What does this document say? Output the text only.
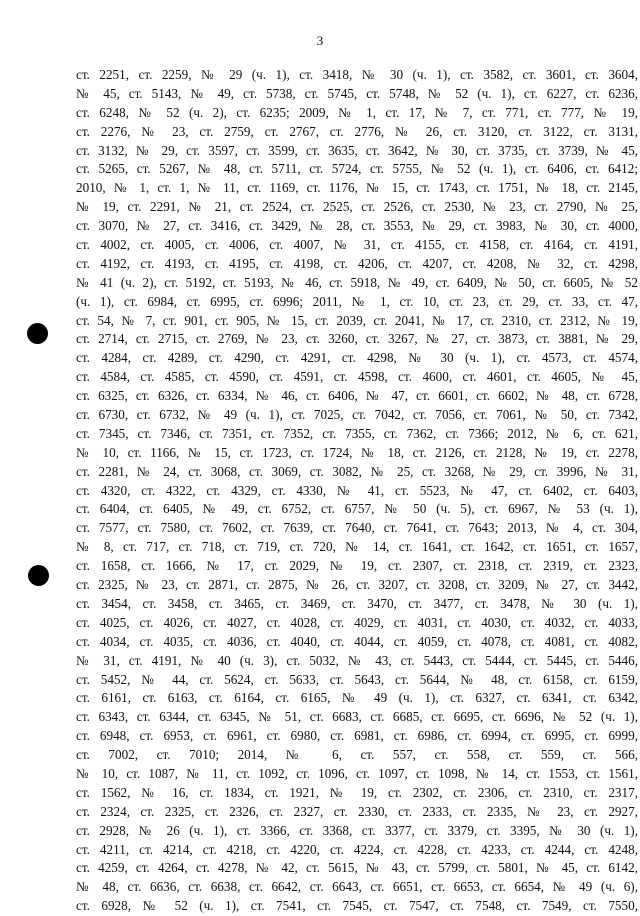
3
ст. 2251, ст. 2259, № 29 (ч. 1), ст. 3418, № 30 (ч. 1), ст. 3582, ст. 3601, ст. 3604,
№ 45, ст. 5143, № 49, ст. 5738, ст. 5745, ст. 5748, № 52 (ч. 1), ст. 6227, ст. 6236,
ст. 6248, № 52 (ч. 2), ст. 6235; 2009, № 1, ст. 17, № 7, ст. 771, ст. 777, № 19,
ст. 2276, № 23, ст. 2759, ст. 2767, ст. 2776, № 26, ст. 3120, ст. 3122, ст. 3131,
ст. 3132, № 29, ст. 3597, ст. 3599, ст. 3635, ст. 3642, № 30, ст. 3735, ст. 3739, № 45,
ст. 5265, ст. 5267, № 48, ст. 5711, ст. 5724, ст. 5755, № 52 (ч. 1), ст. 6406, ст. 6412;
2010, № 1, ст. 1, № 11, ст. 1169, ст. 1176, № 15, ст. 1743, ст. 1751, № 18, ст. 2145,
№ 19, ст. 2291, № 21, ст. 2524, ст. 2525, ст. 2526, ст. 2530, № 23, ст. 2790, № 25,
ст. 3070, № 27, ст. 3416, ст. 3429, № 28, ст. 3553, № 29, ст. 3983, № 30, ст. 4000,
ст. 4002, ст. 4005, ст. 4006, ст. 4007, № 31, ст. 4155, ст. 4158, ст. 4164, ст. 4191,
ст. 4192, ст. 4193, ст. 4195, ст. 4198, ст. 4206, ст. 4207, ст. 4208, № 32, ст. 4298,
№ 41 (ч. 2), ст. 5192, ст. 5193, № 46, ст. 5918, № 49, ст. 6409, № 50, ст. 6605, № 52
(ч. 1), ст. 6984, ст. 6995, ст. 6996; 2011, № 1, ст. 10, ст. 23, ст. 29, ст. 33, ст. 47,
ст. 54, № 7, ст. 901, ст. 905, № 15, ст. 2039, ст. 2041, № 17, ст. 2310, ст. 2312, № 19,
ст. 2714, ст. 2715, ст. 2769, № 23, ст. 3260, ст. 3267, № 27, ст. 3873, ст. 3881, № 29,
ст. 4284, ст. 4289, ст. 4290, ст. 4291, ст. 4298, № 30 (ч. 1), ст. 4573, ст. 4574,
ст. 4584, ст. 4585, ст. 4590, ст. 4591, ст. 4598, ст. 4600, ст. 4601, ст. 4605, № 45,
ст. 6325, ст. 6326, ст. 6334, № 46, ст. 6406, № 47, ст. 6601, ст. 6602, № 48, ст. 6728,
ст. 6730, ст. 6732, № 49 (ч. 1), ст. 7025, ст. 7042, ст. 7056, ст. 7061, № 50, ст. 7342,
ст. 7345, ст. 7346, ст. 7351, ст. 7352, ст. 7355, ст. 7362, ст. 7366; 2012, № 6, ст. 621,
№ 10, ст. 1166, № 15, ст. 1723, ст. 1724, № 18, ст. 2126, ст. 2128, № 19, ст. 2278,
ст. 2281, № 24, ст. 3068, ст. 3069, ст. 3082, № 25, ст. 3268, № 29, ст. 3996, № 31,
ст. 4320, ст. 4322, ст. 4329, ст. 4330, № 41, ст. 5523, № 47, ст. 6402, ст. 6403,
ст. 6404, ст. 6405, № 49, ст. 6752, ст. 6757, № 50 (ч. 5), ст. 6967, № 53 (ч. 1),
ст. 7577, ст. 7580, ст. 7602, ст. 7639, ст. 7640, ст. 7641, ст. 7643; 2013, № 4, ст. 304,
№ 8, ст. 717, ст. 718, ст. 719, ст. 720, № 14, ст. 1641, ст. 1642, ст. 1651, ст. 1657,
ст. 1658, ст. 1666, № 17, ст. 2029, № 19, ст. 2307, ст. 2318, ст. 2319, ст. 2323,
ст. 2325, № 23, ст. 2871, ст. 2875, № 26, ст. 3207, ст. 3208, ст. 3209, № 27, ст. 3442,
ст. 3454, ст. 3458, ст. 3465, ст. 3469, ст. 3470, ст. 3477, ст. 3478, № 30 (ч. 1),
ст. 4025, ст. 4026, ст. 4027, ст. 4028, ст. 4029, ст. 4031, ст. 4030, ст. 4032, ст. 4033,
ст. 4034, ст. 4035, ст. 4036, ст. 4040, ст. 4044, ст. 4059, ст. 4078, ст. 4081, ст. 4082,
№ 31, ст. 4191, № 40 (ч. 3), ст. 5032, № 43, ст. 5443, ст. 5444, ст. 5445, ст. 5446,
ст. 5452, № 44, ст. 5624, ст. 5633, ст. 5643, ст. 5644, № 48, ст. 6158, ст. 6159,
ст. 6161, ст. 6163, ст. 6164, ст. 6165, № 49 (ч. 1), ст. 6327, ст. 6341, ст. 6342,
ст. 6343, ст. 6344, ст. 6345, № 51, ст. 6683, ст. 6685, ст. 6695, ст. 6696, № 52 (ч. 1),
ст. 6948, ст. 6953, ст. 6961, ст. 6980, ст. 6981, ст. 6986, ст. 6994, ст. 6995, ст. 6999,
ст. 7002, ст. 7010; 2014, № 6, ст. 557, ст. 558, ст. 559, ст. 566,
№ 10, ст. 1087, № 11, ст. 1092, ст. 1096, ст. 1097, ст. 1098, № 14, ст. 1553, ст. 1561,
ст. 1562, № 16, ст. 1834, ст. 1921, № 19, ст. 2302, ст. 2306, ст. 2310, ст. 2317,
ст. 2324, ст. 2325, ст. 2326, ст. 2327, ст. 2330, ст. 2333, ст. 2335, № 23, ст. 2927,
ст. 2928, № 26 (ч. 1), ст. 3366, ст. 3368, ст. 3377, ст. 3379, ст. 3395, № 30 (ч. 1),
ст. 4211, ст. 4214, ст. 4218, ст. 4220, ст. 4224, ст. 4228, ст. 4233, ст. 4244, ст. 4248,
ст. 4259, ст. 4264, ст. 4278, № 42, ст. 5615, № 43, ст. 5799, ст. 5801, № 45, ст. 6142,
№ 48, ст. 6636, ст. 6638, ст. 6642, ст. 6643, ст. 6651, ст. 6653, ст. 6654, № 49 (ч. 6),
ст. 6928, № 52 (ч. 1), ст. 7541, ст. 7545, ст. 7547, ст. 7548, ст. 7549, ст. 7550,
